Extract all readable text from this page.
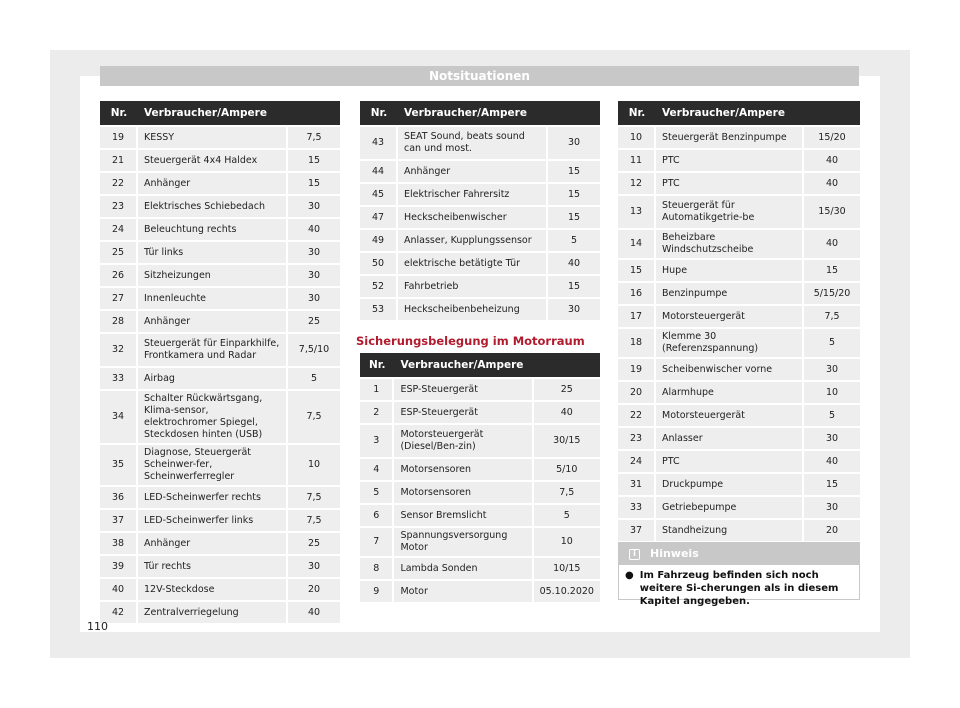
Notsituationen
Nr.	Verbraucher/Ampere	
19	KESSY	7,5
21	Steuergerät 4x4 Haldex	15
22	Anhänger	15
23	Elektrisches Schiebedach	30
24	Beleuchtung rechts	40
25	Tür links	30
26	Sitzheizungen	30
27	Innenleuchte	30
28	Anhänger	25
32	Steuergerät für Einparkhilfe, Frontkamera und Radar	7,5/10
33	Airbag	5
34	Schalter Rückwärtsgang, Klima-sensor, elektrochromer Spiegel, Steckdosen hinten (USB)	7,5
35	Diagnose, Steuergerät Scheinwer-fer, Scheinwerferregler	10
36	LED-Scheinwerfer rechts	7,5
37	LED-Scheinwerfer links	7,5
38	Anhänger	25
39	Tür rechts	30
40	12V-Steckdose	20
42	Zentralverriegelung	40
Nr.	Verbraucher/Ampere	
43	SEAT Sound, beats sound can und most.	30
44	Anhänger	15
45	Elektrischer Fahrersitz	15
47	Heckscheibenwischer	15
49	Anlasser, Kupplungssensor	5
50	elektrische betätigte Tür	40
52	Fahrbetrieb	15
53	Heckscheibenbeheizung	30
Sicherungsbelegung im Motorraum
Nr.	Verbraucher/Ampere	
1	ESP-Steuergerät	25
2	ESP-Steuergerät	40
3	Motorsteuergerät (Diesel/Ben-zin)	30/15
4	Motorsensoren	5/10
5	Motorsensoren	7,5
6	Sensor Bremslicht	5
7	Spannungsversorgung Motor	10
8	Lambda Sonden	10/15
9	Motor	05.10.2020
Nr.	Verbraucher/Ampere	
10	Steuergerät Benzinpumpe	15/20
11	PTC	40
12	PTC	40
13	Steuergerät für Automatikgetrie-be	15/30
14	Beheizbare Windschutzscheibe	40
15	Hupe	15
16	Benzinpumpe	5/15/20
17	Motorsteuergerät	7,5
18	Klemme 30 (Referenzspannung)	5
19	Scheibenwischer vorne	30
20	Alarmhupe	10
22	Motorsteuergerät	5
23	Anlasser	30
24	PTC	40
31	Druckpumpe	15
33	Getriebepumpe	30
37	Standheizung	20
i	Hinweis
● Im Fahrzeug befinden sich noch weitere Si-cherungen als in diesem Kapitel angegeben.
110
